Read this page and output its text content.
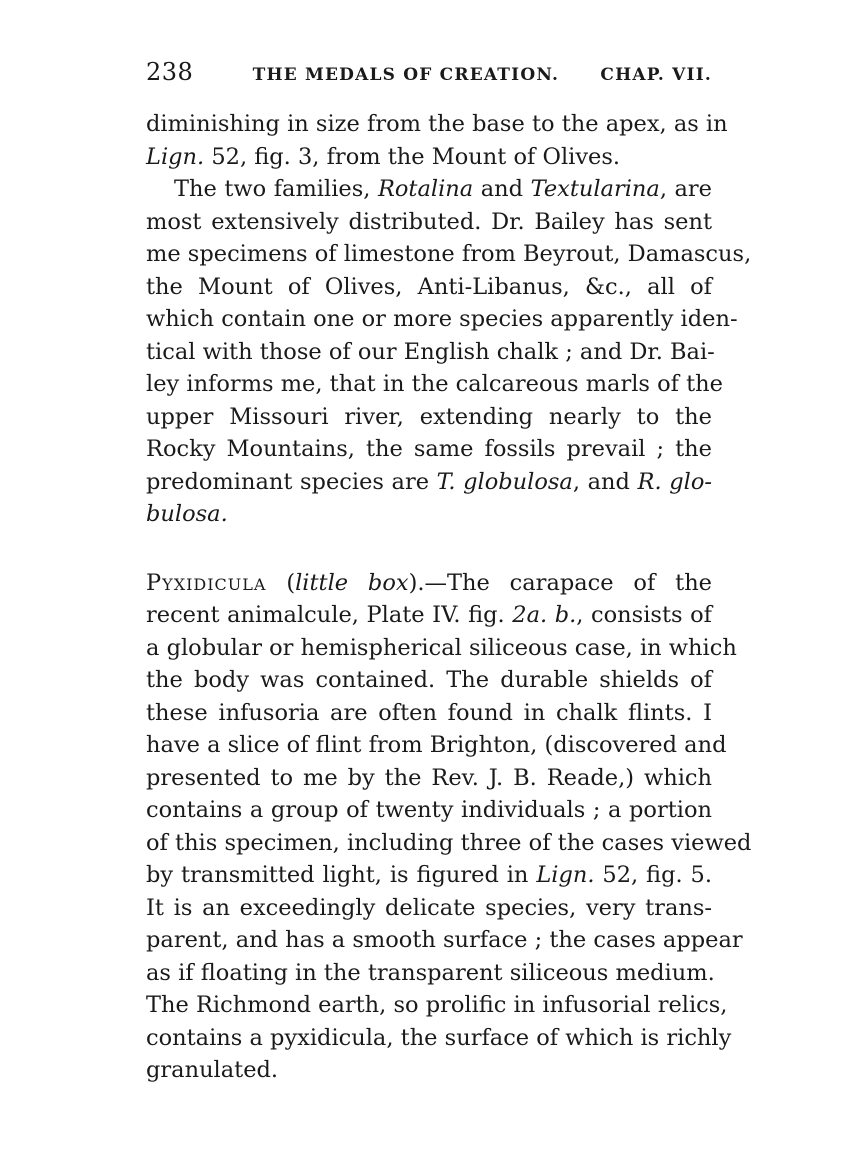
238	THE MEDALS OF CREATION. CHAP. VII.
diminishing in size from the base to the apex, as in
Lign. 52, fig. 3, from the Mount of Olives.
The two families, Rotalina and Textularina, are
most extensively distributed. Dr. Bailey has sent
me specimens of limestone from Beyrout, Damascus,
the Mount of Olives, Anti-Libanus, &c., all of
which contain one or more species apparently iden-
tical with those of our English chalk ; and Dr. Bai-
ley informs me, that in the calcareous marls of the
upper Missouri river, extending nearly to the
Rocky Mountains, the same fossils prevail ; the
predominant species are T. globulosa, and R. glo-
bulosa.
Pyxidicula (little box).—The carapace of the
recent animalcule, Plate IV. fig. 2a. b., consists of
a globular or hemispherical siliceous case, in which
the body was contained. The durable shields of
these infusoria are often found in chalk flints. I
have a slice of flint from Brighton, (discovered and
presented to me by the Rev. J. B. Reade,) which
contains a group of twenty individuals ; a portion
of this specimen, including three of the cases viewed
by transmitted light, is figured in Lign. 52, fig. 5.
It is an exceedingly delicate species, very trans-
parent, and has a smooth surface ; the cases appear
as if floating in the transparent siliceous medium.
The Richmond earth, so prolific in infusorial relics,
contains a pyxidicula, the surface of which is richly
granulated.
